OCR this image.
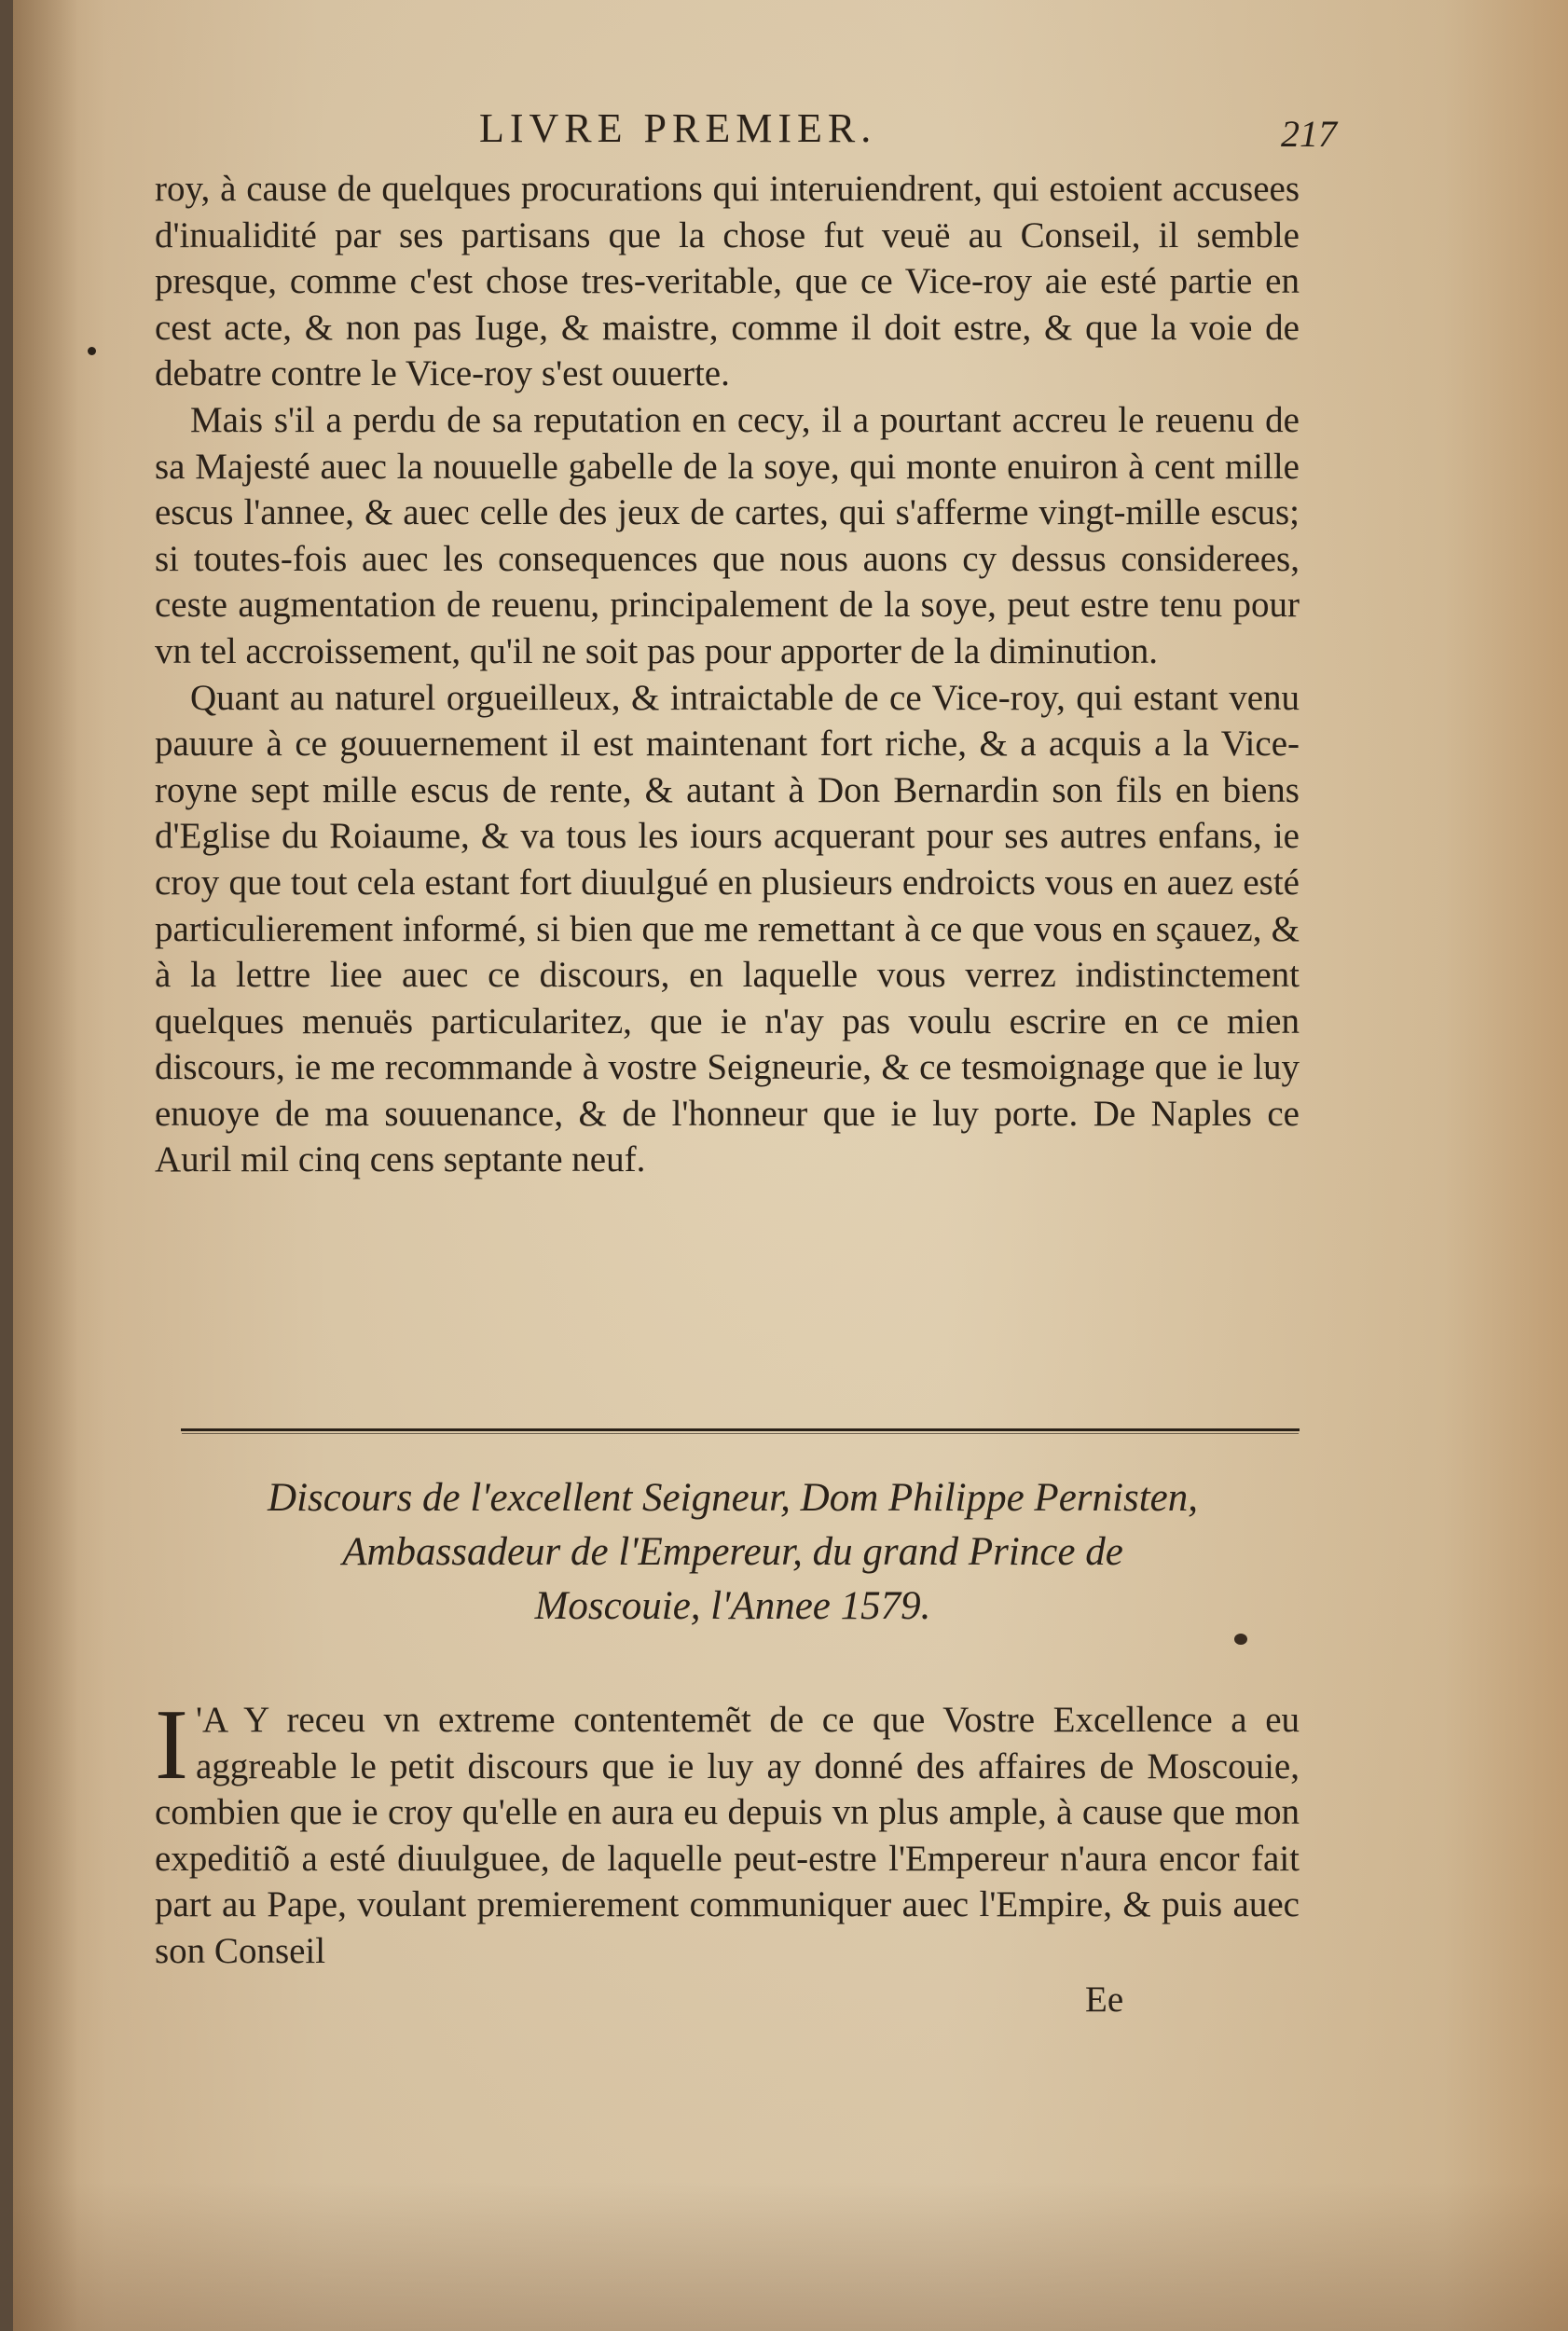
LIVRE PREMIER.	217

roy, à cause de quelques procurations qui interuiendrent, qui estoient accusees d'inualidité par ses partisans que la chose fut veuë au Conseil, il semble presque, comme c'est chose tres-veritable, que ce Vice-roy aie esté partie en cest acte, & non pas Iuge, & maistre, comme il doit estre, & que la voie de debatre contre le Vice-roy s'est ouuerte.

Mais s'il a perdu de sa reputation en cecy, il a pourtant accreu le reuenu de sa Majesté auec la nouuelle gabelle de la soye, qui monte enuiron à cent mille escus l'annee, & auec celle des jeux de cartes, qui s'afferme vingt-mille escus; si toutes-fois auec les consequences que nous auons cy dessus considerees, ceste augmentation de reuenu, principalement de la soye, peut estre tenu pour vn tel accroissement, qu'il ne soit pas pour apporter de la diminution.

Quant au naturel orgueilleux, & intraictable de ce Vice-roy, qui estant venu pauure à ce gouuernement il est maintenant fort riche, & a acquis a la Vice-royne sept mille escus de rente, & autant à Don Bernardin son fils en biens d'Eglise du Roiaume, & va tous les iours acquerant pour ses autres enfans, ie croy que tout cela estant fort diuulgué en plusieurs endroicts vous en auez esté particulierement informé, si bien que me remettant à ce que vous en sçauez, & à la lettre liee auec ce discours, en laquelle vous verrez indistinctement quelques menuës particularitez, que ie n'ay pas voulu escrire en ce mien discours, ie me recommande à vostre Seigneurie, & ce tesmoignage que ie luy enuoye de ma souuenance, & de l'honneur que ie luy porte. De Naples ce Auril mil cinq cens septante neuf.

Discours de l'excellent Seigneur, Dom Philippe Pernisten,
Ambassadeur de l'Empereur, du grand Prince de
Moscouie, l'Annee 1579.
I 'A Y receu vn extreme contentemẽt de ce que Vostre Excellence a eu aggreable le petit discours que ie luy ay donné des affaires de Moscouie, combien que ie croy qu'elle en aura eu depuis vn plus ample, à cause que mon expeditiõ a esté diuulguee, de laquelle peut-estre l'Empereur n'aura encor fait part au Pape, voulant premierement communiquer auec l'Empire, & puis auec son Conseil

Ee
